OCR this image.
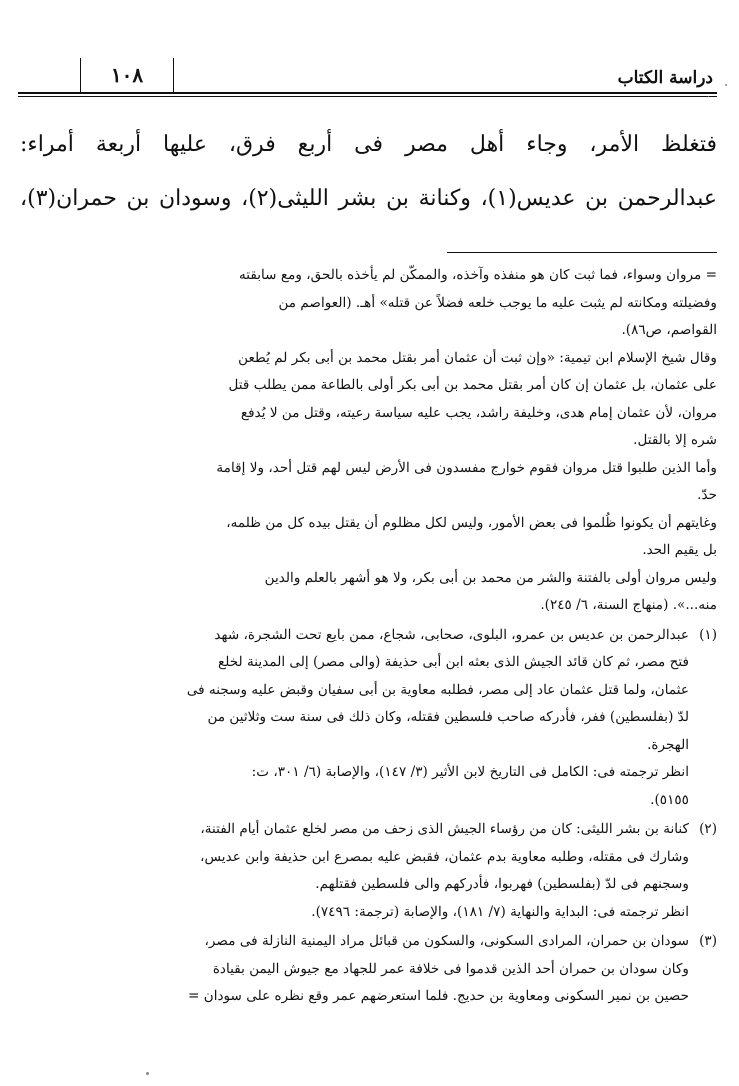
دراسة الكتاب
١٠٨

فتغلظ الأمر، وجاء أهل مصر فى أربع فرق، عليها أربعة أمراء:

عبدالرحمن بن عديس(١)، وكنانة بن بشر الليثى(٢)، وسودان بن حمران(٣)،

= مروان وسواء، فما ثبت كان هو منفذه وآخذه، والممكّن لم يأخذه بالحق، ومع سابقته

وفضيلته ومكانته لم يثبت عليه ما يوجب خلعه فضلاً عن قتله» أهـ. (العواصم من

القواصم، ص٨٦).

وقال شيخ الإسلام ابن تيمية: «وإن ثبت أن عثمان أمر بقتل محمد بن أبى بكر لم يُطعن

على عثمان، بل عثمان إن كان أمر بقتل محمد بن أبى بكر أولى بالطاعة ممن يطلب قتل

مروان، لأن عثمان إمام هدى، وخليفة راشد، يجب عليه سياسة رعيته، وقتل من لا يُدفع

شره إلا بالقتل.

وأما الذين طلبوا قتل مروان فقوم خوارج مفسدون فى الأرض ليس لهم قتل أحد، ولا إقامة

حدّ.

وغايتهم أن يكونوا ظُلموا فى بعض الأمور، وليس لكل مظلوم أن يقتل بيده كل من ظلمه،

بل يقيم الحد.

وليس مروان أولى بالفتنة والشر من محمد بن أبى بكر، ولا هو أشهر بالعلم والدين

منه...». (منهاج السنة، ٦/ ٢٤٥).

(١)عبدالرحمن بن عديس بن عمرو، البلوى، صحابى، شجاع، ممن بايع تحت الشجرة، شهد

فتح مصر، ثم كان قائد الجيش الذى بعثه ابن أبى حذيفة (والى مصر) إلى المدينة لخلع

عثمان، ولما قتل عثمان عاد إلى مصر، فطلبه معاوية بن أبى سفيان وقبض عليه وسجنه فى

لدّ (بفلسطين) ففر، فأدركه صاحب فلسطين فقتله، وكان ذلك فى سنة ست وثلاثين من

الهجرة.

انظر ترجمته فى: الكامل فى التاريخ لابن الأثير (٣/ ١٤٧)، والإصابة (٦/ ٣٠١، ت:

٥١٥٥).

(٢)كنانة بن بشر الليثى: كان من رؤساء الجيش الذى زحف من مصر لخلع عثمان أيام الفتنة،

وشارك فى مقتله، وطلبه معاوية بدم عثمان، فقبض عليه بمصرع ابن حذيفة وابن عديس،

وسجنهم فى لدّ (بفلسطين) فهربوا، فأدركهم والى فلسطين فقتلهم.

انظر ترجمته فى: البداية والنهاية (٧/ ١٨١)، والإصابة (ترجمة: ٧٤٩٦).

(٣)سودان بن حمران، المرادى السكونى، والسكون من قبائل مراد اليمنية النازلة فى مصر،

وكان سودان بن حمران أحد الذين قدموا فى خلافة عمر للجهاد مع جيوش اليمن بقيادة

حصين بن نمير السكونى ومعاوية بن حديج. فلما استعرضهم عمر وقع نظره على سودان =
